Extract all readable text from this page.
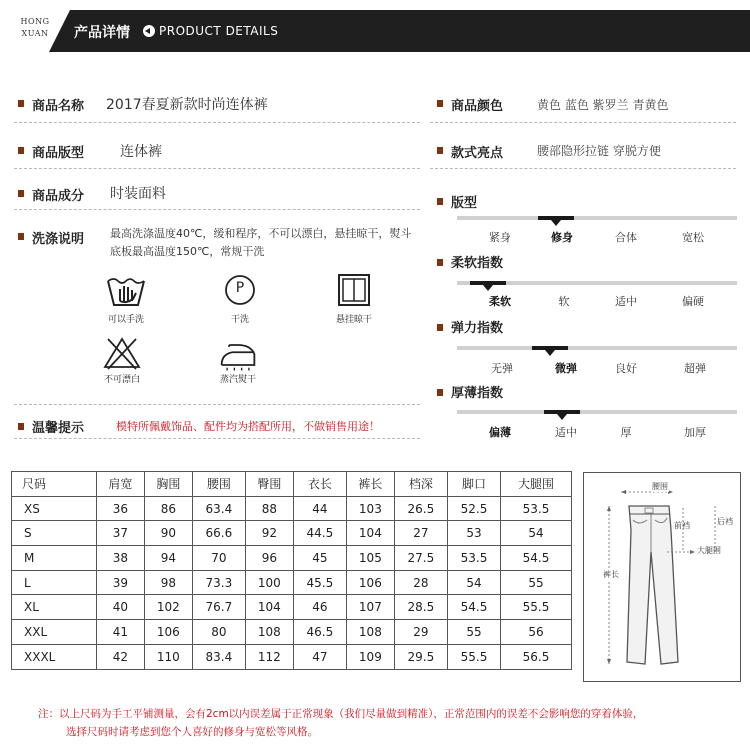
HONG
XUAN	产品详情 PRODUCT DETAILS
商品名称 2017春夏新款时尚连体裤
商品版型	连体裤
商品成分 时装面料
洗涤说明 最高洗涤温度40℃，缓和程序，不可以漂白，悬挂晾干，熨斗底板最高温度150℃，常规干洗
可以手洗
P
干洗	悬挂晾干
不可漂白	蒸汽熨干
温馨提示	模特所佩戴饰品、配件均为搭配所用，不做销售用途！
商品颜色	黄色 蓝色 紫罗兰 青黄色
款式亮点	腰部隐形拉链 穿脱方便
版型
紧身	修身	合体	宽松
柔软指数
柔软	软	适中	偏硬
弹力指数
无弹	微弹	良好	超弹
厚薄指数
偏薄	适中	厚	加厚
尺码	肩宽	胸围	腰围	臀围	衣长	裤长	档深	脚口	大腿围
XS	36	86	63.4	88	44	103	26.5	52.5	53.5
S	37	90	66.6	92	44.5	104	27	53	54
M	38	94	70	96	45	105	27.5	53.5	54.5
L	39	98	73.3	100	45.5	106	28	54	55
XL	40	102	76.7	104	46	107	28.5	54.5	55.5
XXL	41	106	80	108	46.5	108	29	55	56
XXXL	42	110	83.4	112	47	109	29.5	55.5	56.5
腰围
前裆	后裆
大腿围
裤长
注：以上尺码为手工平铺测量，会有2cm以内误差属于正常现象（我们尽量做到精准），正常范围内的误差不会影响您的穿着体验，
选择尺码时请考虑到您个人喜好的修身与宽松等风格。
